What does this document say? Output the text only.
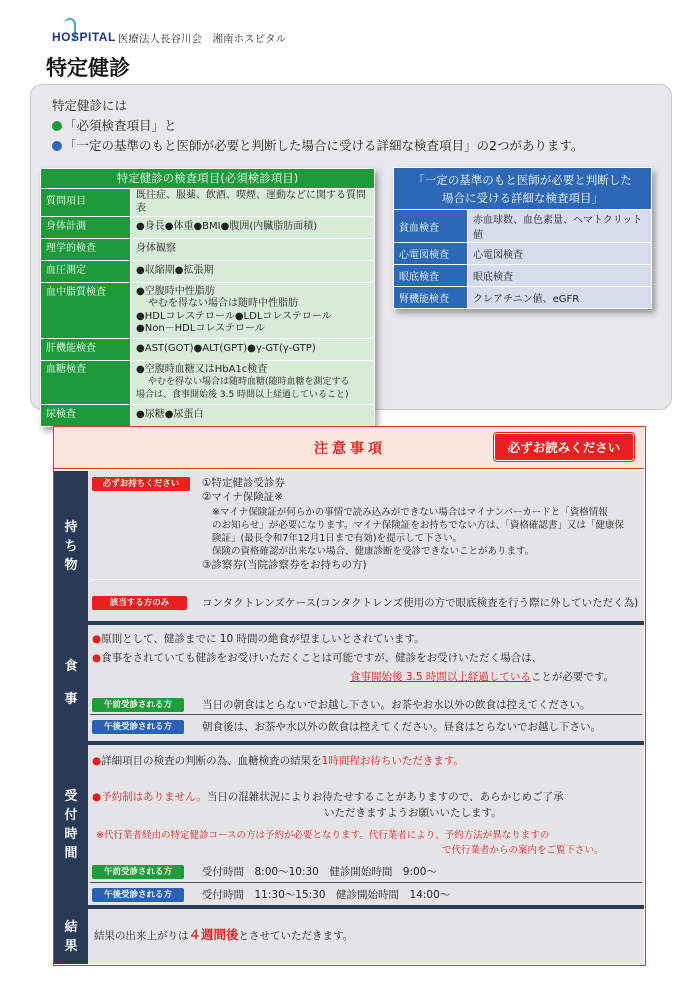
HOSPITAL 医療法人長谷川会　湘南ホスピタル
特定健診
特定健診には
「必須検査項目」と
「一定の基準のもと医師が必要と判断した場合に受ける詳細な検査項目」の2つがあります。
特定健診の検査項目(必須検診項目)	
質問項目	既往症、服薬、飲酒、喫煙、運動などに関する質問表
身体計測	●身長●体重●BMI●腹囲(内臓脂肪面積)
理学的検査	身体観察
血圧測定	●収縮期●拡張期
血中脂質検査	●空腹時中性脂肪
やむを得ない場合は随時中性脂肪
●HDLコレステロール●LDLコレステロール
●Non－HDLコレステロール

肝機能検査	●AST(GOT)●ALT(GPT)●γ-GT(γ-GTP)
血糖検査	●空腹時血糖又はHbA1c検査
やむを得ない場合は随時血糖(随時血糖を測定する
場合は、食事開始後 3.5 時間以上経過していること)

尿検査	●尿糖●尿蛋白
「一定の基準のもと医師が必要と判断した
場合に受ける詳細な検査項目」	

貧血検査	赤血球数、血色素量、ヘマトクリット値
心電図検査	心電図検査
眼底検査	眼底検査
腎機能検査	クレアチニン値、eGFR
注意事項	必ずお読みください
持
ち
物
必ずお持ちください	①特定健診受診券
②マイナ保険証※
※マイナ保険証が何らかの事情で読み込みができない場合はマイナンバーカードと「資格情報
のお知らせ」が必要になります。マイナ保険証をお持ちでない方は、「資格確認書」又は「健康保
険証」(最長令和7年12月1日まで有効)を提示して下さい。
保険の資格確認が出来ない場合、健康診断を受診できないことがあります。
③診察券(当院診察券をお持ちの方)
該当する方のみ	コンタクトレンズケース(コンタクトレンズ使用の方で眼底検査を行う際に外していただく為)
食
事
●原則として、健診までに 10 時間の絶食が望ましいとされています。
●食事をされていても健診をお受けいただくことは可能ですが、健診をお受けいただく場合は、
食事開始後 3.5 時間以上経過していることが必要です。
午前受診される方	当日の朝食はとらないでお越し下さい。お茶やお水以外の飲食は控えてください。
午後受診される方	朝食後は、お茶や水以外の飲食は控えてください。昼食はとらないでお越し下さい。
受
付
時
間
●詳細項目の検査の判断の為、血糖検査の結果を1時間程お待ちいただきます。
●予約制はありません。当日の混雑状況によりお待たせすることがありますので、あらかじめご了承
いただきますようお願いいたします。
※代行業者経由の特定健診コースの方は予約が必要となります。代行業者により、予約方法が異なりますの
で代行業者からの案内をご覧下さい。
午前受診される方	受付時間　8:00～10:30　健診開始時間　9:00～
午後受診される方	受付時間　11:30～15:30　健診開始時間　14:00～
結
果
結果の出来上がりは４週間後とさせていただきます。
